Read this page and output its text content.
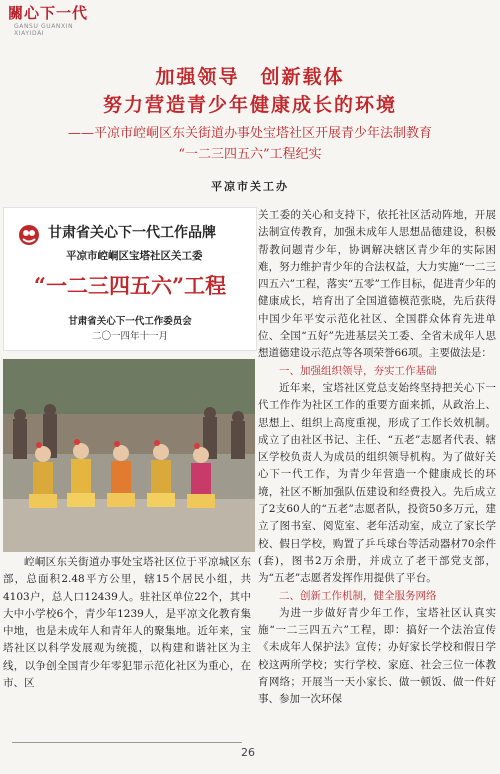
關心下一代
GANSU GUANXIN
XIAYIDAI
加强领导　创新载体
努力营造青少年健康成长的环境
——平凉市崆峒区东关街道办事处宝塔社区开展青少年法制教育
“一二三四五六”工程纪实
平凉市关工办
甘肃省关心下一代工作品牌
平凉市崆峒区宝塔社区关工委
“一二三四五六”工程
甘肃省关心下一代工作委员会
二〇一四年十一月

崆峒区东关街道办事处宝塔社区位于平凉城区东部，总面积2.48平方公里，辖15个居民小组，共4103户，总人口12439人。驻社区单位22个，其中大中小学校6个，青少年1239人，是平凉文化教育集中地，也是未成年人和青年人的聚集地。近年来，宝塔社区以科学发展观为统揽，以构建和谐社区为主线，以争创全国青少年零犯罪示范化社区为重心，在市、区

关工委的关心和支持下，依托社区活动阵地，开展法制宣传教育，加强未成年人思想品德建设，积极帮教问题青少年，协调解决辖区青少年的实际困难，努力维护青少年的合法权益，大力实施“一二三四五六”工程，落实“五零”工作目标，促进青少年的健康成长，培育出了全国道德模范张晓，先后获得中国少年平安示范化社区、全国群众体育先进单位、全国“五好”先进基层关工委、全省未成年人思想道德建设示范点等各项荣誉66项。主要做法是：

一、加强组织领导，夯实工作基础

近年来，宝塔社区党总支始终坚持把关心下一代工作作为社区工作的重要方面来抓，从政治上、思想上、组织上高度重视，形成了工作长效机制。成立了由社区书记、主任、“五老”志愿者代表、辖区学校负责人为成员的组织领导机构。为了做好关心下一代工作，为青少年营造一个健康成长的环境，社区不断加强队伍建设和经费投入。先后成立了2支60人的“五老”志愿者队，投资50多万元，建立了图书室、阅览室、老年活动室，成立了家长学校、假日学校，购置了乒乓球台等活动器材70余件(套)，图书2万余册，并成立了老干部党支部，为“五老”志愿者发挥作用提供了平台。

二、创新工作机制，健全服务网络

为进一步做好青少年工作，宝塔社区认真实施“一二三四五六”工程，即：搞好一个法治宣传《未成年人保护法》宣传；办好家长学校和假日学校这两所学校；实行学校、家庭、社会三位一体教育网络；开展当一天小家长、做一顿饭、做一件好事、参加一次环保

26
